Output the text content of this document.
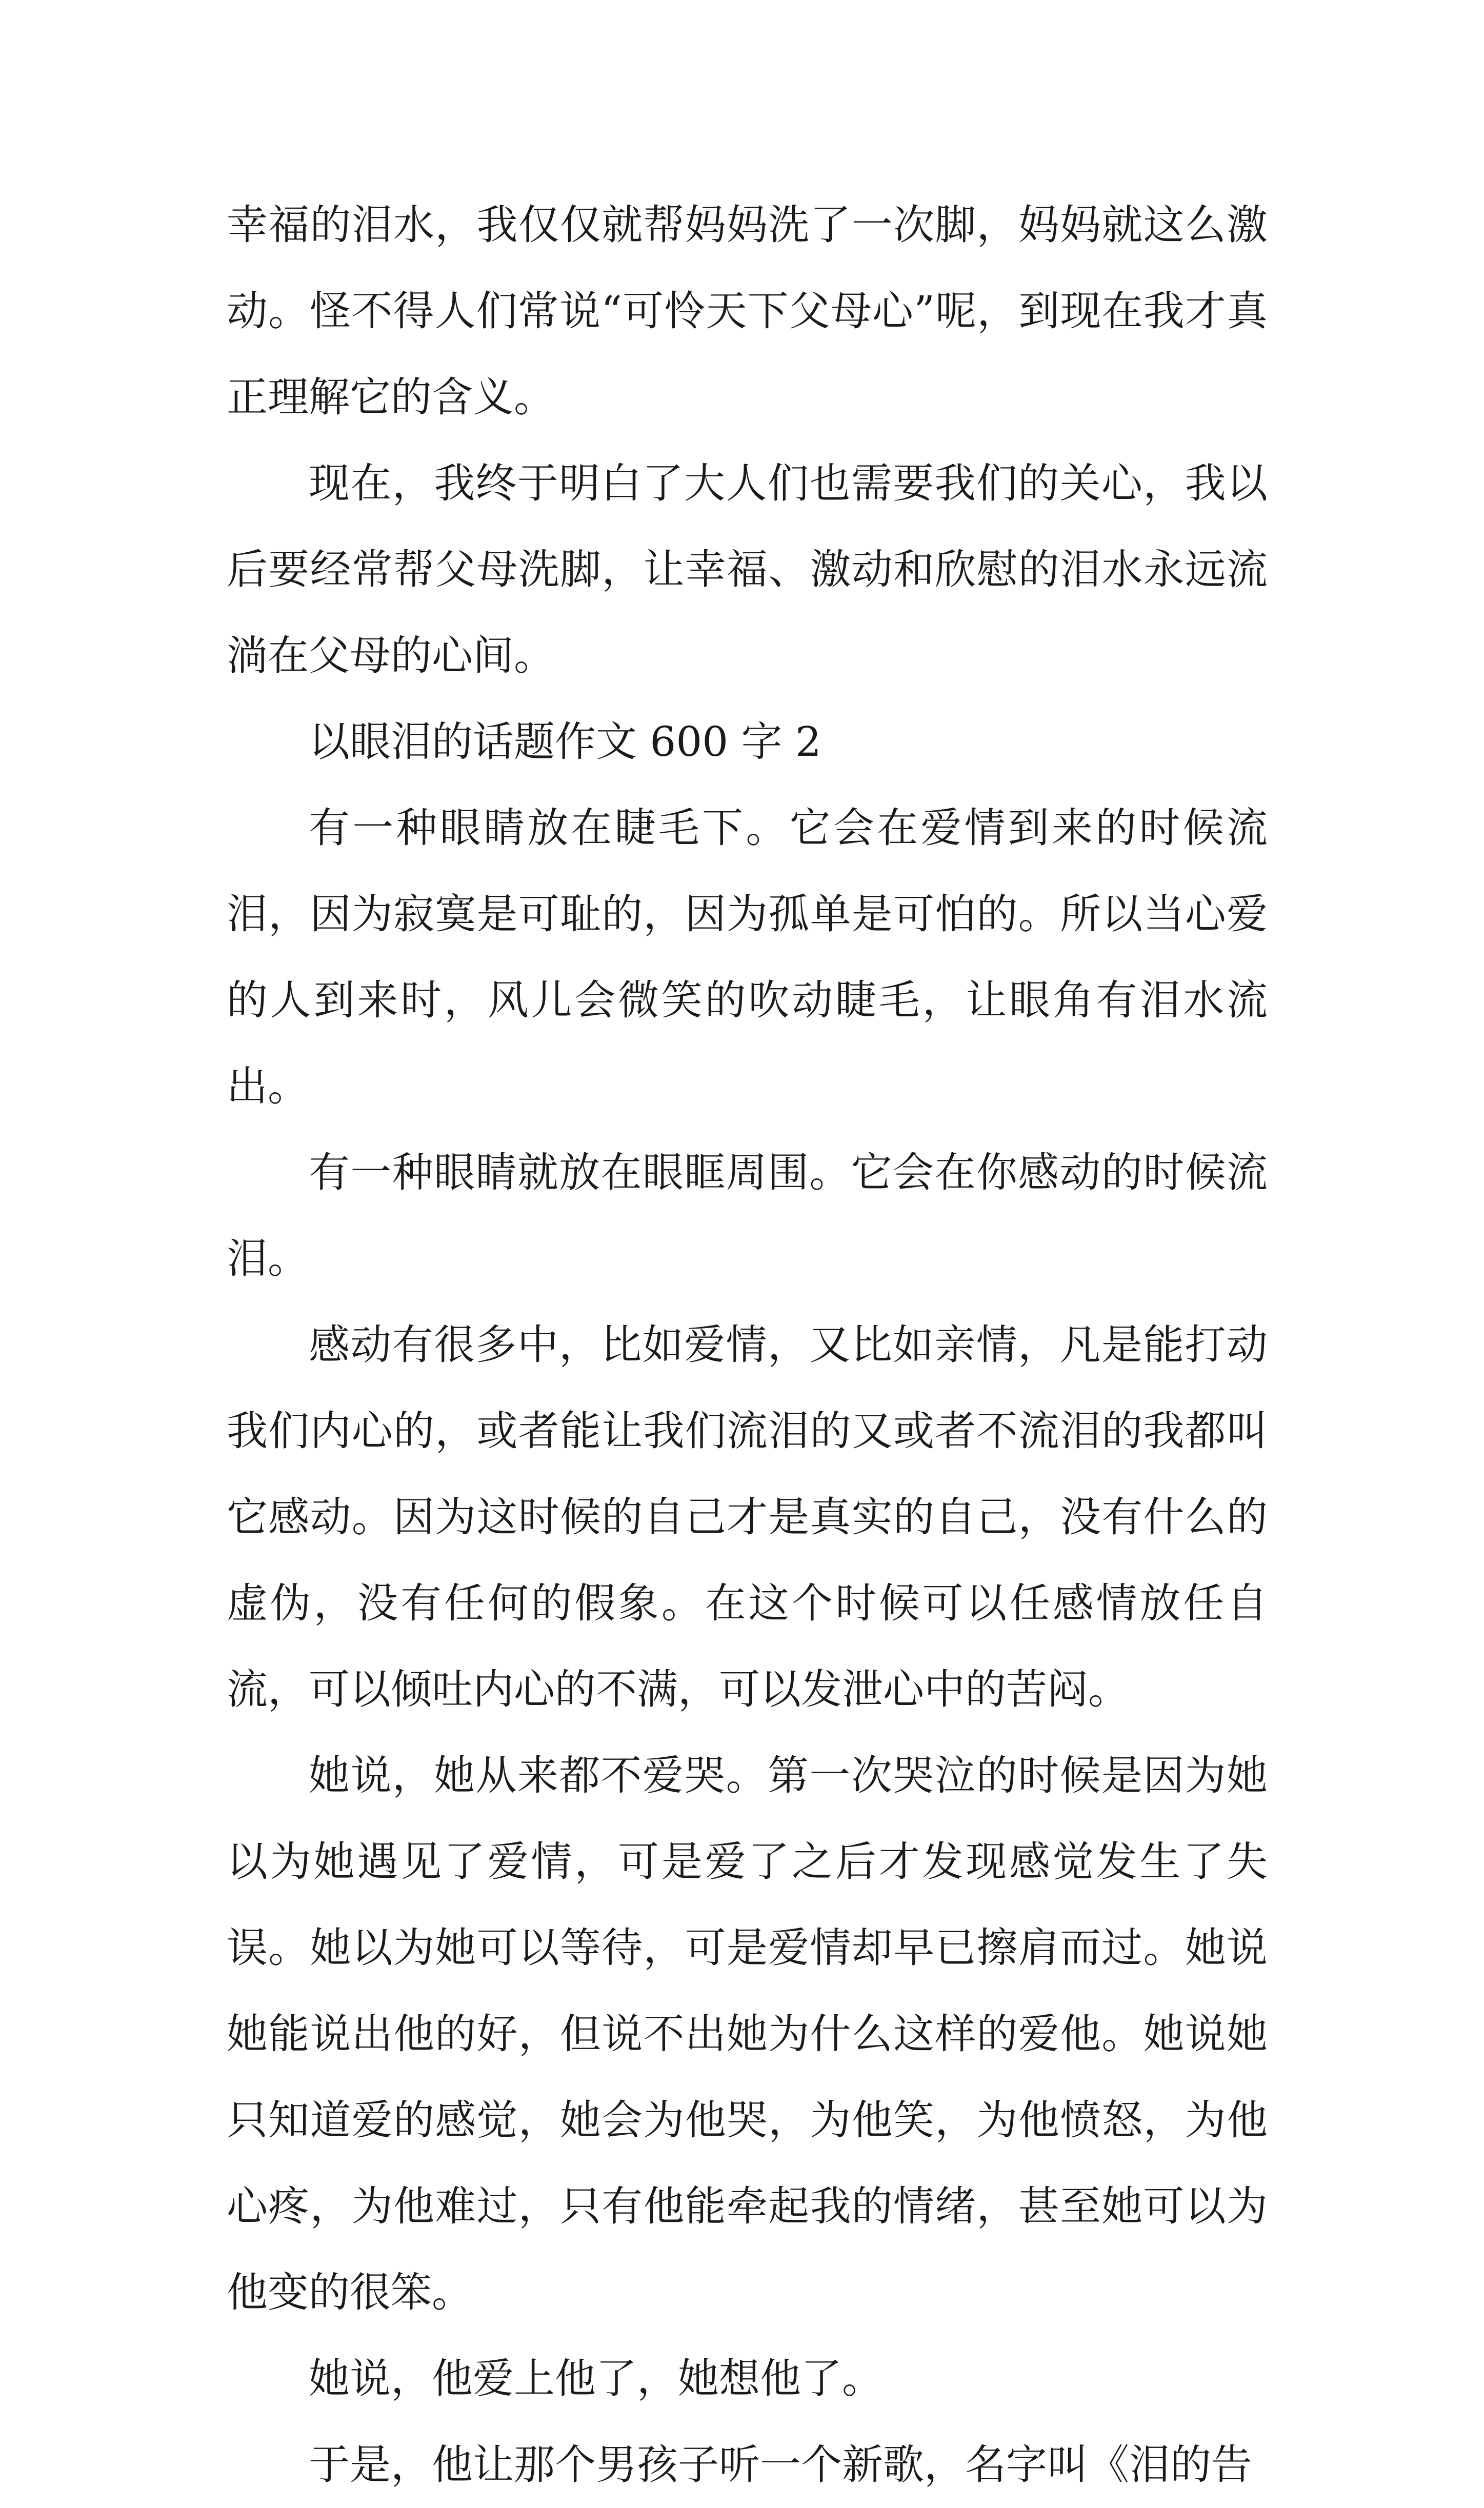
幸福的泪水，我仅仅就帮妈妈洗了一次脚，妈妈就这么激动。怪不得人们常说“可怜天下父母心”呢，到现在我才真正理解它的含义。

现在，我终于明白了大人们也需要我们的关心，我以后要经常帮父母洗脚，让幸福、激动和欣慰的泪水永远流淌在父母的心间。

以眼泪的话题作文 600 字 2

有一种眼睛放在睫毛下。它会在爱情到来的时候流泪，因为寂寞是可耻的，因为孤单是可怕的。所以当心爱的人到来时，风儿会微笑的吹动睫毛，让眼角有泪水流出。

有一种眼睛就放在眼眶周围。它会在你感动的时候流泪。

感动有很多中，比如爱情，又比如亲情，凡是能打动我们内心的，或者能让我们流泪的又或者不流泪的我都叫它感动。因为这时候的自己才是真实的自己，没有什么的虚伪，没有任何的假象。在这个时候可以任感情放任自流，可以倾吐内心的不满，可以发泄心中的苦闷。

她说，她从来都不爱哭。第一次哭泣的时候是因为她以为她遇见了爱情，可是爱了之后才发现感觉发生了失误。她以为她可以等待，可是爱情却早已擦肩而过。她说她能说出他的好，但说不出她为什么这样的爱他。她说她只知道爱的感觉，她会为他哭，为他笑，为他愤怒，为他心疼，为他难过，只有他能牵起我的情绪，甚至她可以为他变的很笨。

她说，他爱上他了，她想他了。

于是，他让那个男孩子听一个新歌，名字叫《泪的告
